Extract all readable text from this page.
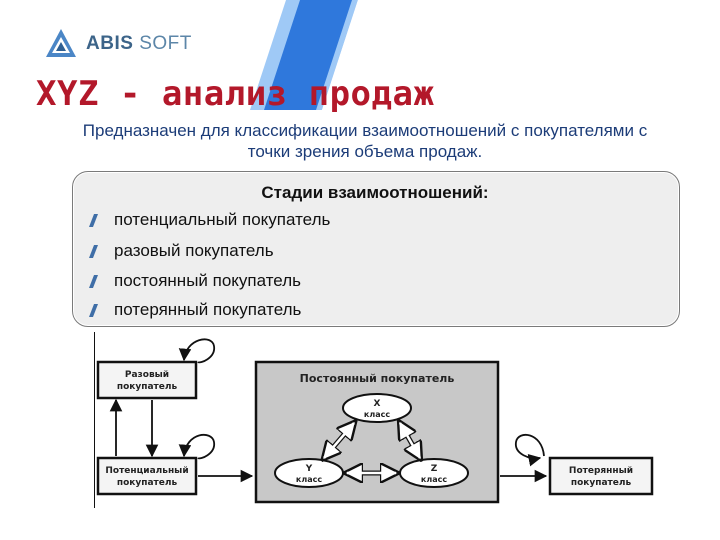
ABIS SOFT
XYZ - анализ продаж
Предназначен для классификации взаимоотношений с покупателями с
точки зрения объема продаж.
Стадии взаимоотношений:
потенциальный покупатель
разовый покупатель
постоянный покупатель
потерянный покупатель
Разовый
покупатель
Потенциальный
покупатель
Постоянный покупатель
X
класс
Y
класс
Z
класс
Потерянный
покупатель
